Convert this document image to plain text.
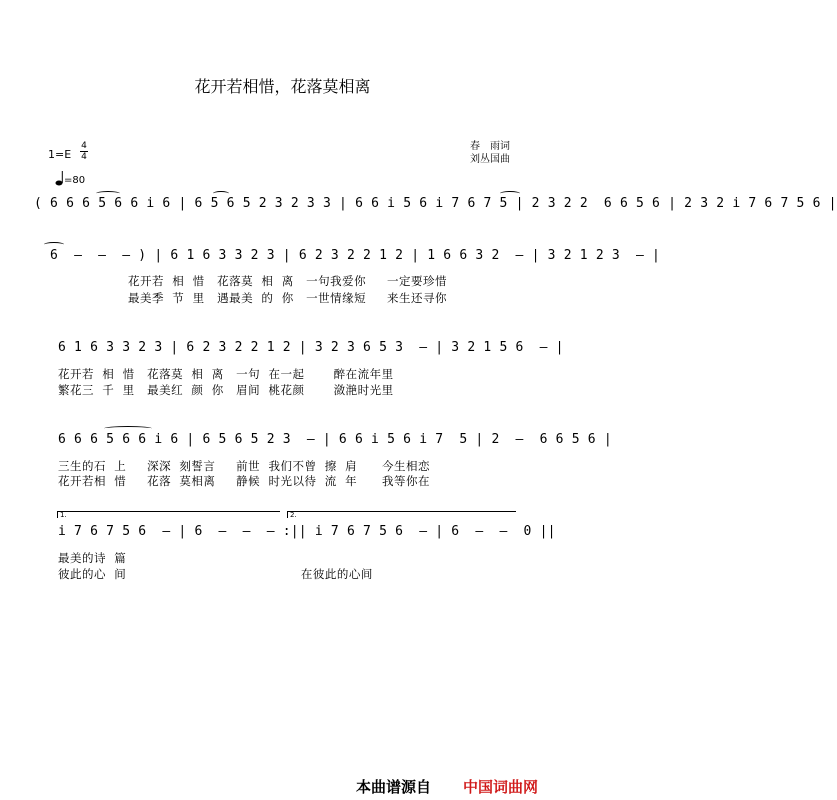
花开若相惜，花落莫相离
春　雨词
刘丛国曲
1=E
4
4
=80
( 6 6 6 5 6 6 i 6 | 6 5 6 5 2 3 2 3 3 | 6 6 i 5 6 i 7 6 7 5 | 2 3 2 2  6 6 5 6 | 2 3 2 i 7 6 7 5 6 |
6  —  —  — ) | 6 1 6 3 3 2 3 | 6 2 3 2 2 1 2 | 1 6 6 3 2  — | 3 2 1 2 3  — |
花开若  相  惜   花落莫  相  离   一句我爱你     一定要珍惜
最美季  节  里   遇最美  的  你   一世情缘短     来生还寻你
6 1 6 3 3 2 3 | 6 2 3 2 2 1 2 | 3 2 3 6 5 3  — | 3 2 1 5 6  — |
花开若  相  惜   花落莫  相  离   一句  在一起       醉在流年里
繁花三  千  里   最美红  颜  你   眉间  桃花颜       潋滟时光里
6 6 6 5 6 6 i 6 | 6 5 6 5 2 3  — | 6 6 i 5 6 i 7  5 | 2  —  6 6 5 6 |
三生的石  上     深深  刻誓言     前世  我们不曾  擦  肩      今生相恋
花开若相  惜     花落  莫相离     静候  时光以待  流  年      我等你在
1.	2.
i 7 6 7 5 6  — | 6  —  —  — :|| i 7 6 7 5 6  — | 6  —  —  0 ||
最美的诗  篇
彼此的心  间                                          在彼此的心间
本曲谱源自 中国词曲网
